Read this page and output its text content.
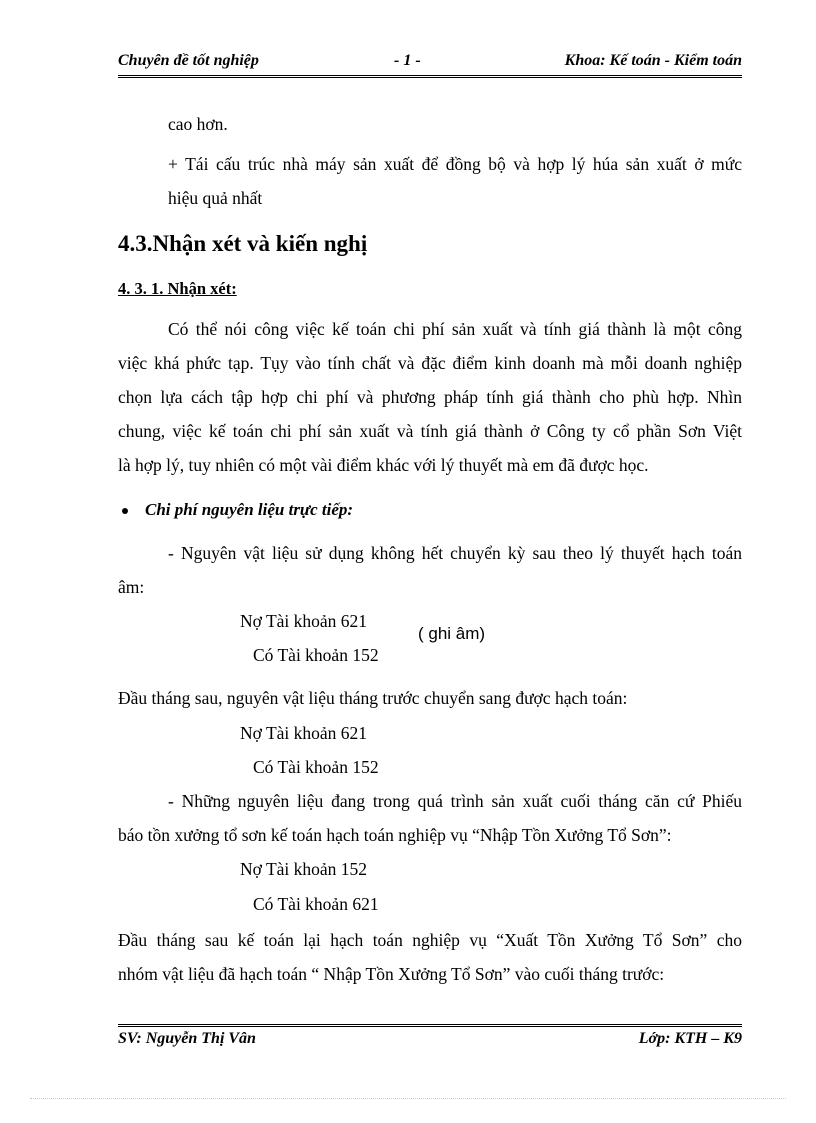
Chuyên đề tốt nghiệp	- 1 -	Khoa: Kế toán - Kiểm toán
cao hơn.
+ Tái cấu trúc nhà máy sản xuất để đồng bộ và hợp lý húa sản xuất ở mức
hiệu quả nhất
4.3.Nhận xét và kiến nghị
4. 3. 1. Nhận xét:
Có thể nói công việc kế toán chi phí sản xuất và tính giá thành là một công
việc khá phức tạp. Tụy vào tính chất và đặc điểm kinh doanh mà mỗi doanh nghiệp
chọn lựa cách tập hợp chi phí và phương pháp tính giá thành cho phù hợp. Nhìn
chung, việc kế toán chi phí sản xuất và tính giá thành ở Công ty cổ phần Sơn Việt
là hợp lý, tuy nhiên có một vài điểm khác với lý thuyết mà em đã được học.
Chi phí nguyên liệu trực tiếp:
- Nguyên vật liệu sử dụng không hết chuyển kỳ sau theo lý thuyết hạch toán
âm:
Nợ Tài khoản 621
Có Tài khoản 152
( ghi âm)
Đầu tháng sau, nguyên vật liệu tháng trước chuyển sang được hạch toán:
Nợ Tài khoản 621
Có Tài khoản 152
- Những nguyên liệu đang trong quá trình sản xuất cuối tháng căn cứ Phiếu
báo tồn xưởng tổ sơn kế toán hạch toán nghiệp vụ “Nhập Tồn Xưởng Tổ Sơn”:
Nợ Tài khoản 152
Có Tài khoản 621
Đầu tháng sau kế toán lại hạch toán nghiệp vụ “Xuất Tồn Xưởng Tổ Sơn” cho
nhóm vật liệu đã hạch toán “ Nhập Tồn Xưởng Tổ Sơn” vào cuối tháng trước:
SV: Nguyễn Thị Vân	Lớp: KTH – K9
